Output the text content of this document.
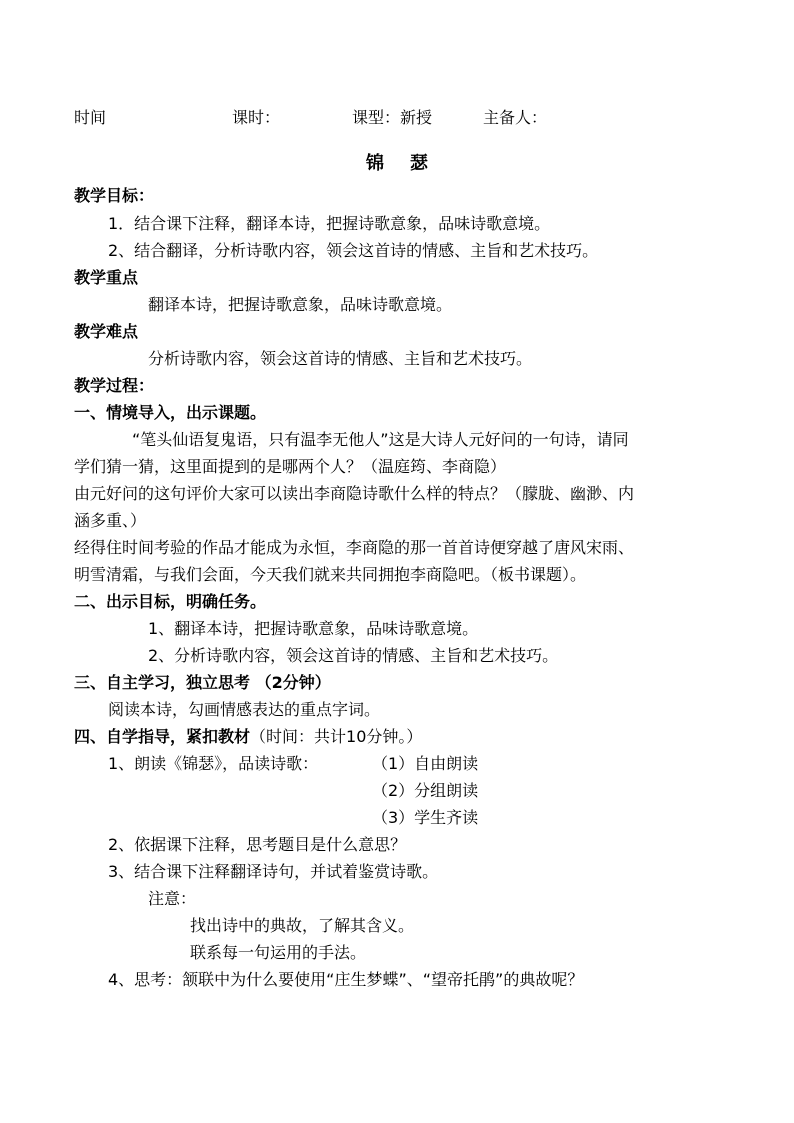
时间	课时：	课型：新授	主备人：
锦瑟
教学目标：
1．结合课下注释，翻译本诗，把握诗歌意象，品味诗歌意境。
2、结合翻译，分析诗歌内容，领会这首诗的情感、主旨和艺术技巧。
教学重点
翻译本诗，把握诗歌意象，品味诗歌意境。
教学难点
分析诗歌内容，领会这首诗的情感、主旨和艺术技巧。
教学过程：
一、情境导入，出示课题。
“笔头仙语复鬼语，只有温李无他人”这是大诗人元好问的一句诗，请同
学们猜一猜，这里面提到的是哪两个人？（温庭筠、李商隐）
由元好问的这句评价大家可以读出李商隐诗歌什么样的特点？（朦胧、幽渺、内
涵多重、）
经得住时间考验的作品才能成为永恒，李商隐的那一首首诗便穿越了唐风宋雨、
明雪清霜，与我们会面，今天我们就来共同拥抱李商隐吧。（板书课题）。
二、出示目标，明确任务。
1、翻译本诗，把握诗歌意象，品味诗歌意境。
2、分析诗歌内容，领会这首诗的情感、主旨和艺术技巧。
三、自主学习，独立思考 （2分钟）
阅读本诗，勾画情感表达的重点字词。
四、自学指导，紧扣教材（时间：共计10分钟。）
1、朗读《锦瑟》，品读诗歌：	（1）自由朗读
（2）分组朗读
（3）学生齐读
2、依据课下注释，思考题目是什么意思？
3、结合课下注释翻译诗句，并试着鉴赏诗歌。
注意：
找出诗中的典故，了解其含义。
联系每一句运用的手法。
4、思考：颔联中为什么要使用“庄生梦蝶”、“望帝托鹃”的典故呢？
